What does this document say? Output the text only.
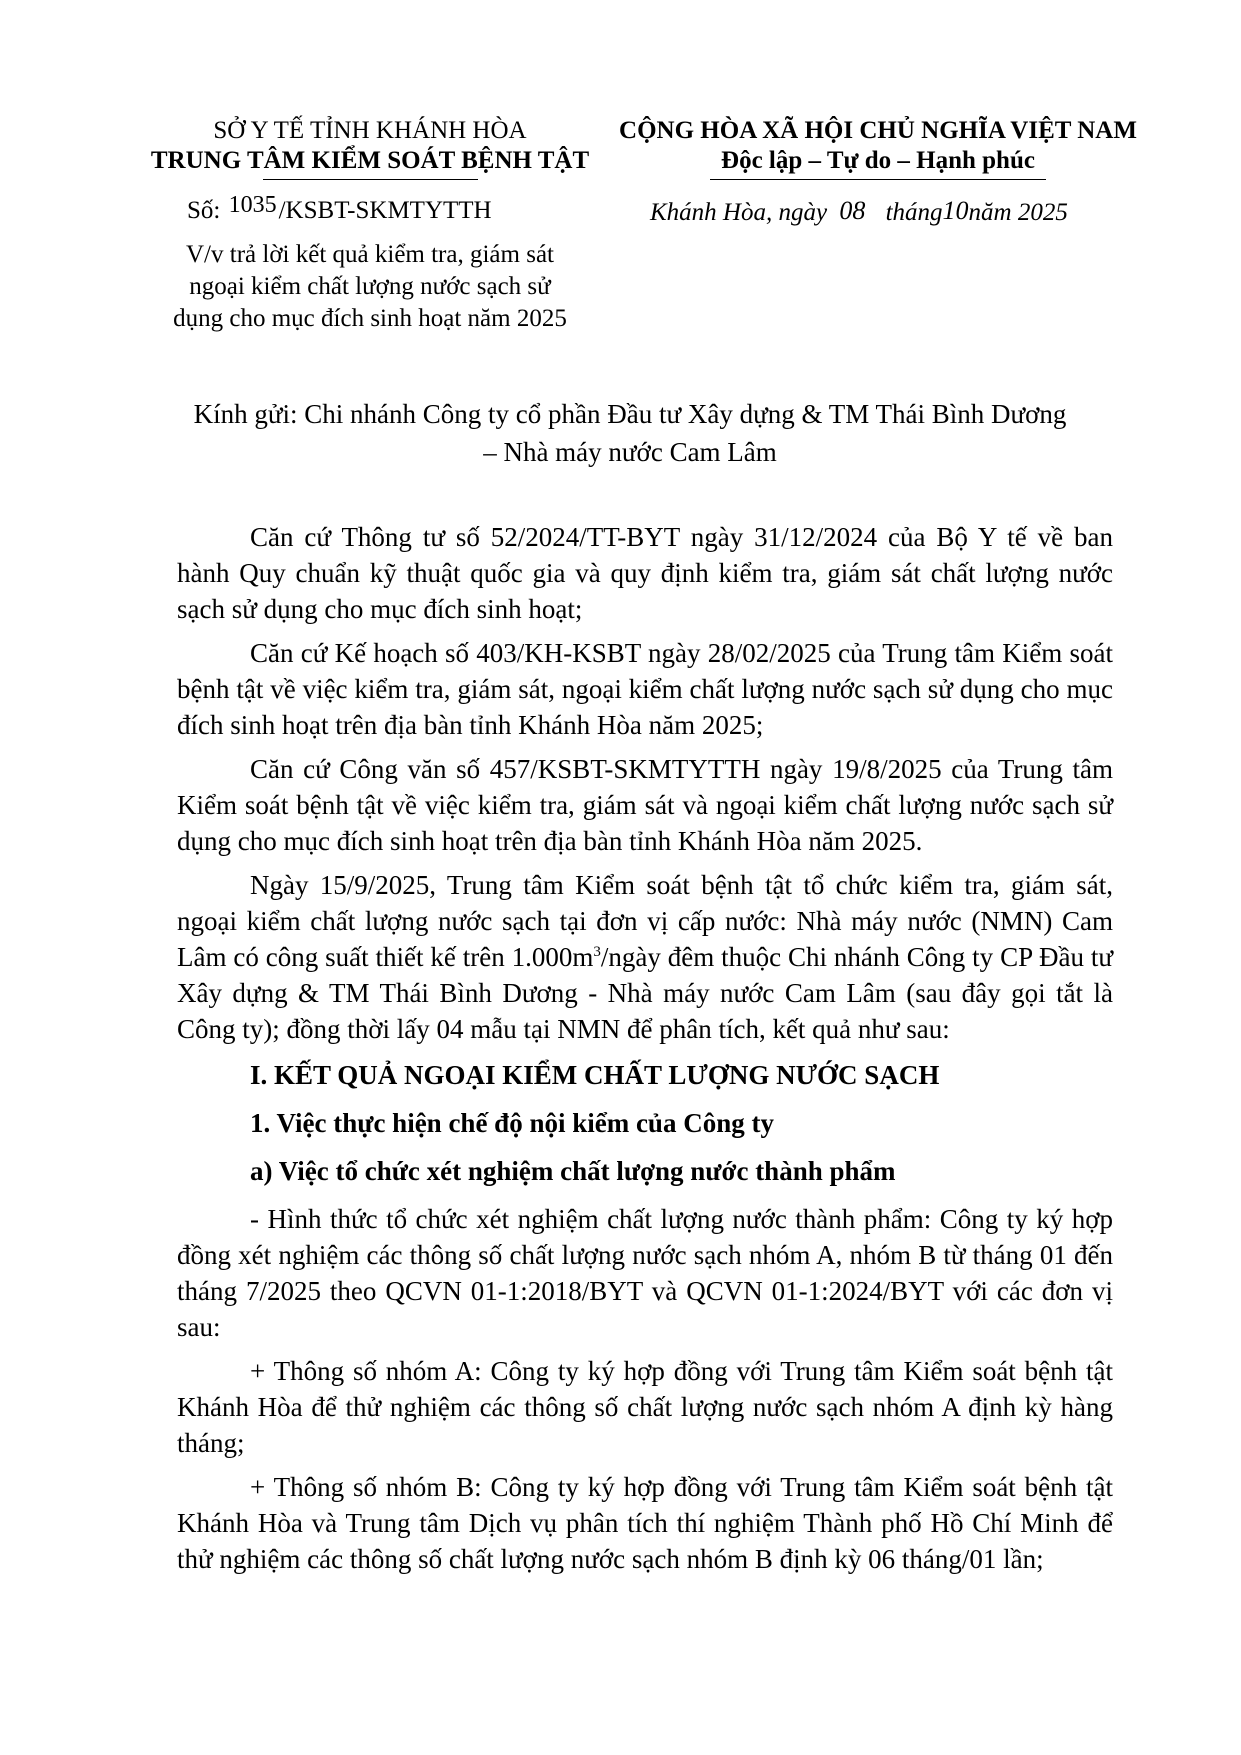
SỞ Y TẾ TỈNH KHÁNH HÒA
TRUNG TÂM KIỂM SOÁT BỆNH TẬT
CỘNG HÒA XÃ HỘI CHỦ NGHĨA VIỆT NAM
Độc lập – Tự do – Hạnh phúc
Số: 1035/KSBT-SKMTYTTH	Khánh Hòa, ngày 08 tháng10năm 2025
V/v trả lời kết quả kiểm tra, giám sát
ngoại kiểm chất lượng nước sạch sử
dụng cho mục đích sinh hoạt năm 2025
Kính gửi: Chi nhánh Công ty cổ phần Đầu tư Xây dựng & TM Thái Bình Dương
– Nhà máy nước Cam Lâm

Căn cứ Thông tư số 52/2024/TT-BYT ngày 31/12/2024 của Bộ Y tế về ban hành Quy chuẩn kỹ thuật quốc gia và quy định kiểm tra, giám sát chất lượng nước sạch sử dụng cho mục đích sinh hoạt;

Căn cứ Kế hoạch số 403/KH-KSBT ngày 28/02/2025 của Trung tâm Kiểm soát bệnh tật về việc kiểm tra, giám sát, ngoại kiểm chất lượng nước sạch sử dụng cho mục đích sinh hoạt trên địa bàn tỉnh Khánh Hòa năm 2025;

Căn cứ Công văn số 457/KSBT-SKMTYTTH ngày 19/8/2025 của Trung tâm Kiểm soát bệnh tật về việc kiểm tra, giám sát và ngoại kiểm chất lượng nước sạch sử dụng cho mục đích sinh hoạt trên địa bàn tỉnh Khánh Hòa năm 2025.

Ngày 15/9/2025, Trung tâm Kiểm soát bệnh tật tổ chức kiểm tra, giám sát, ngoại kiểm chất lượng nước sạch tại đơn vị cấp nước: Nhà máy nước (NMN) Cam Lâm có công suất thiết kế trên $1.000m^3$/ngày đêm thuộc Chi nhánh Công ty CP Đầu tư Xây dựng & TM Thái Bình Dương - Nhà máy nước Cam Lâm (sau đây gọi tắt là Công ty); đồng thời lấy 04 mẫu tại NMN để phân tích, kết quả như sau:

I. KẾT QUẢ NGOẠI KIỂM CHẤT LƯỢNG NƯỚC SẠCH
1. Việc thực hiện chế độ nội kiểm của Công ty
a) Việc tổ chức xét nghiệm chất lượng nước thành phẩm

- Hình thức tổ chức xét nghiệm chất lượng nước thành phẩm: Công ty ký hợp đồng xét nghiệm các thông số chất lượng nước sạch nhóm A, nhóm B từ tháng 01 đến tháng 7/2025 theo QCVN 01-1:2018/BYT và QCVN 01-1:2024/BYT với các đơn vị sau:

+ Thông số nhóm A: Công ty ký hợp đồng với Trung tâm Kiểm soát bệnh tật Khánh Hòa để thử nghiệm các thông số chất lượng nước sạch nhóm A định kỳ hàng tháng;

+ Thông số nhóm B: Công ty ký hợp đồng với Trung tâm Kiểm soát bệnh tật Khánh Hòa và Trung tâm Dịch vụ phân tích thí nghiệm Thành phố Hồ Chí Minh để thử nghiệm các thông số chất lượng nước sạch nhóm B định kỳ 06 tháng/01 lần;
